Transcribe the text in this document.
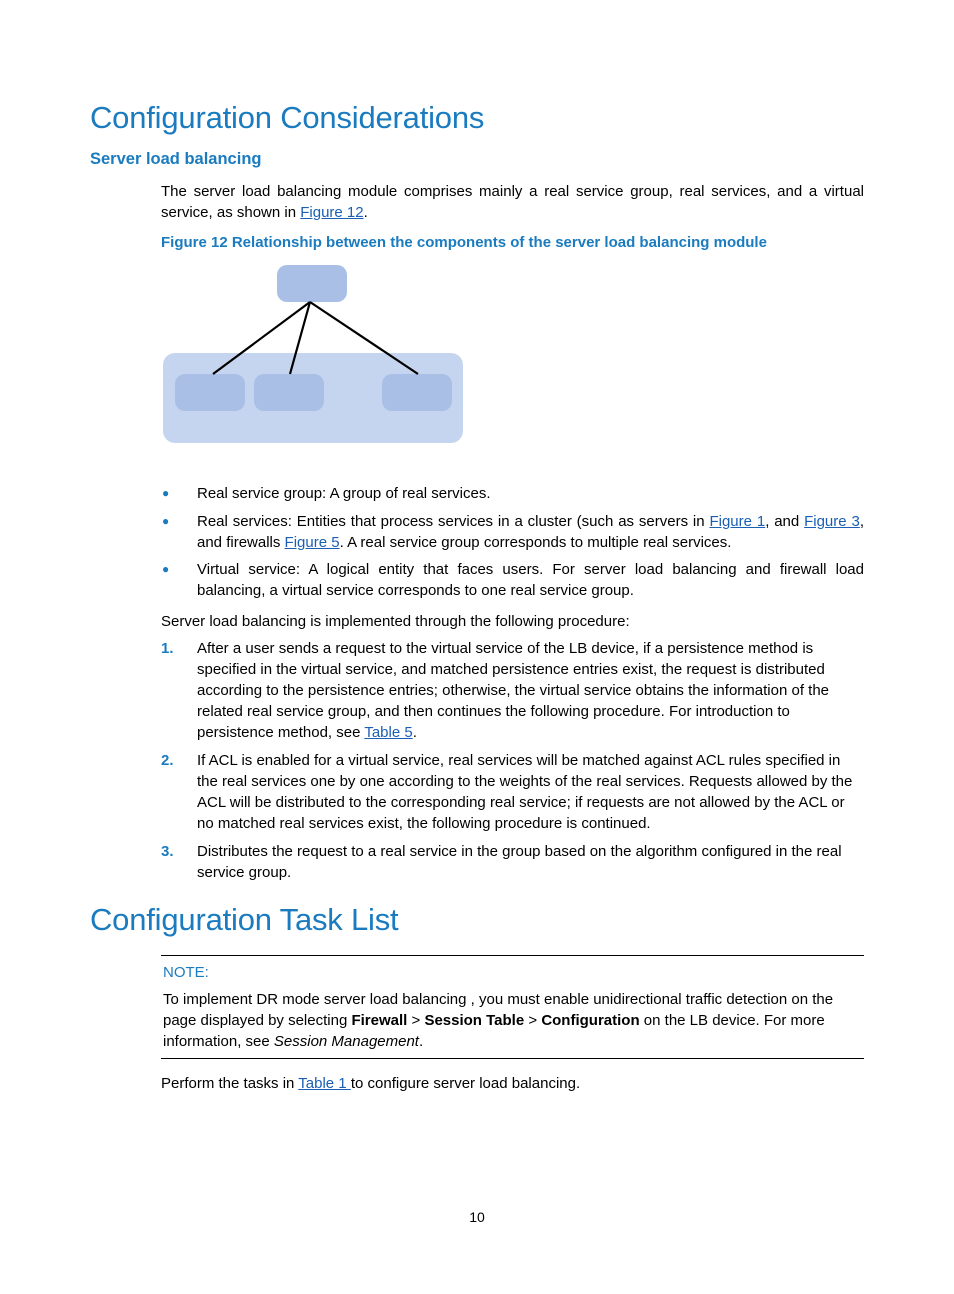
Configuration Considerations
Server load balancing
The server load balancing module comprises mainly a real service group, real services, and a virtual service, as shown in Figure 12.
Figure 12 Relationship between the components of the server load balancing module
● Real service group: A group of real services.
● Real services: Entities that process services in a cluster (such as servers in Figure 1, and Figure 3, and firewalls Figure 5. A real service group corresponds to multiple real services.
● Virtual service: A logical entity that faces users. For server load balancing and firewall load balancing, a virtual service corresponds to one real service group.
Server load balancing is implemented through the following procedure:
1. After a user sends a request to the virtual service of the LB device, if a persistence method is specified in the virtual service, and matched persistence entries exist, the request is distributed according to the persistence entries; otherwise, the virtual service obtains the information of the related real service group, and then continues the following procedure. For introduction to persistence method, see Table 5.
2. If ACL is enabled for a virtual service, real services will be matched against ACL rules specified in the real services one by one according to the weights of the real services. Requests allowed by the ACL will be distributed to the corresponding real service; if requests are not allowed by the ACL or no matched real services exist, the following procedure is continued.
3. Distributes the request to a real service in the group based on the algorithm configured in the real service group.
Configuration Task List
NOTE:
To implement DR mode server load balancing , you must enable unidirectional traffic detection on the page displayed by selecting Firewall > Session Table > Configuration on the LB device. For more information, see Session Management.
Perform the tasks in Table 1 to configure server load balancing.
10
